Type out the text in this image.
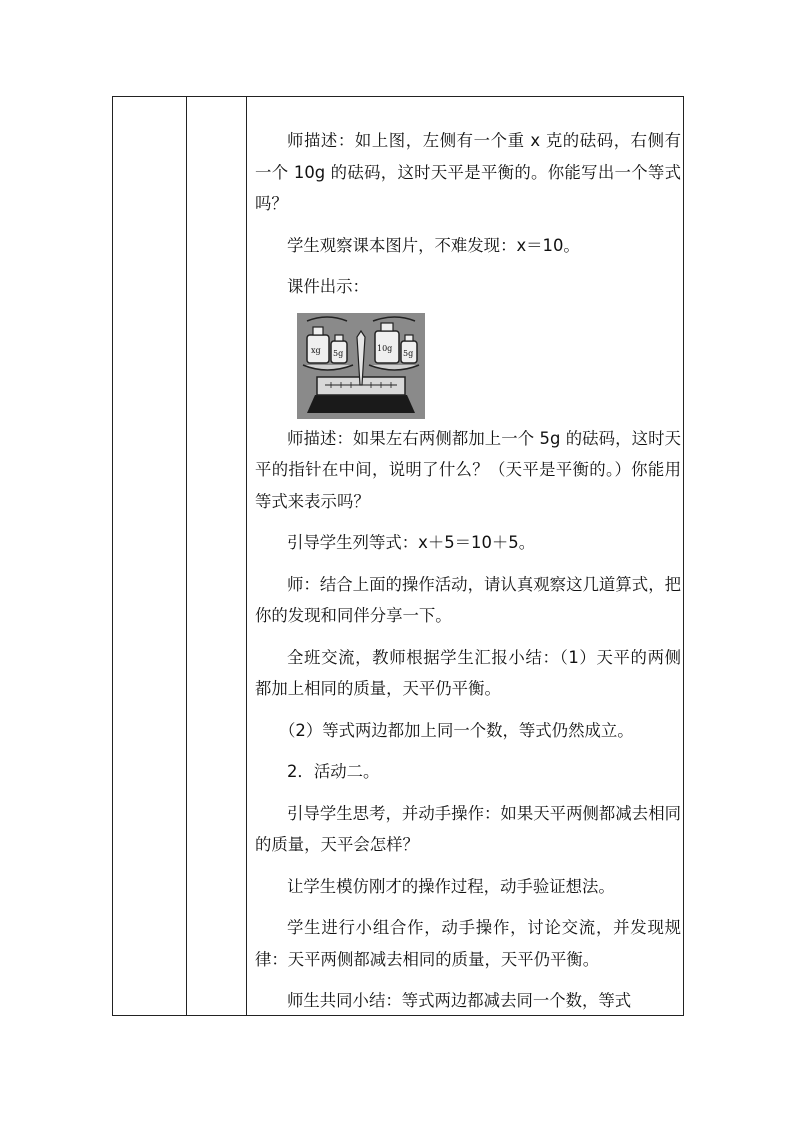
师描述：如上图，左侧有一个重 x 克的砝码，右侧有一个 10g 的砝码，这时天平是平衡的。你能写出一个等式吗？

学生观察课本图片，不难发现：x＝10。

课件出示：

xg 5g
10g
5g

师描述：如果左右两侧都加上一个 5g 的砝码，这时天平的指针在中间，说明了什么？（天平是平衡的。）你能用等式来表示吗？

引导学生列等式：x＋5＝10＋5。

师：结合上面的操作活动，请认真观察这几道算式，把你的发现和同伴分享一下。

全班交流，教师根据学生汇报小结：（1）天平的两侧都加上相同的质量，天平仍平衡。

（2）等式两边都加上同一个数，等式仍然成立。

2．活动二。

引导学生思考，并动手操作：如果天平两侧都减去相同的质量，天平会怎样？

让学生模仿刚才的操作过程，动手验证想法。

学生进行小组合作，动手操作，讨论交流，并发现规律：天平两侧都减去相同的质量，天平仍平衡。

师生共同小结：等式两边都减去同一个数，等式
